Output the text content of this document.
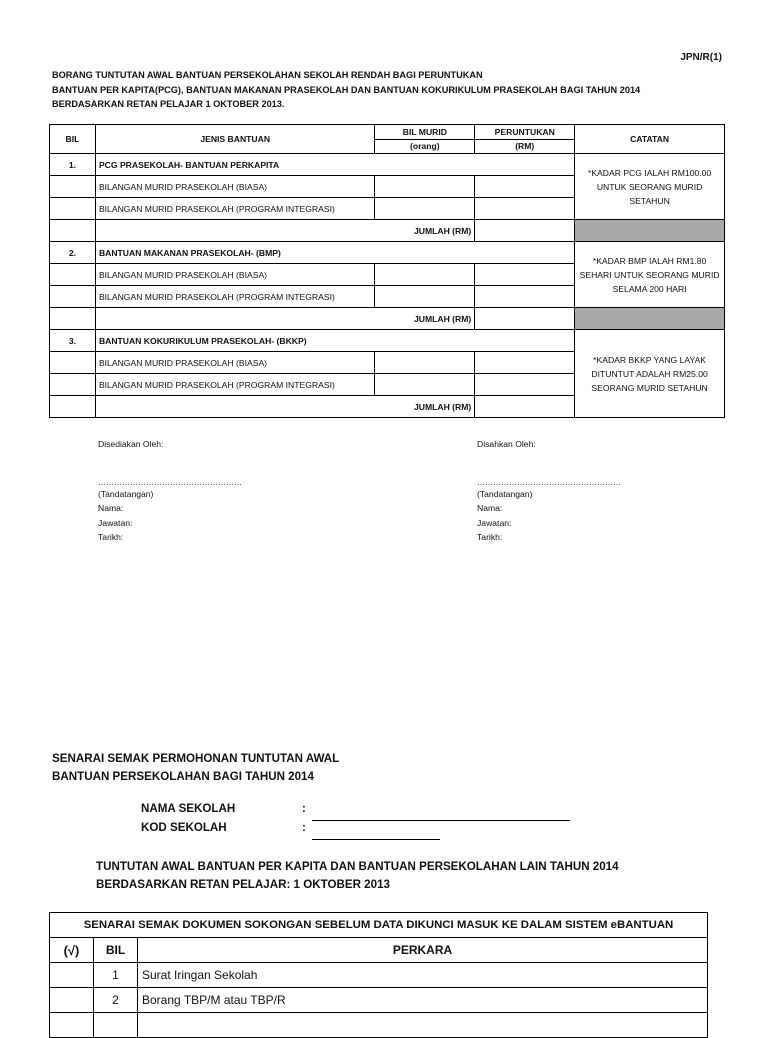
JPN/R(1)
BORANG TUNTUTAN AWAL BANTUAN PERSEKOLAHAN SEKOLAH RENDAH BAGI PERUNTUKAN
BANTUAN PER KAPITA(PCG), BANTUAN MAKANAN PRASEKOLAH DAN BANTUAN KOKURIKULUM PRASEKOLAH BAGI TAHUN 2014
BERDASARKAN RETAN PELAJAR 1 OKTOBER 2013.
BIL	JENIS BANTUAN	BIL MURID	PERUNTUKAN	CATATAN
		(orang)	(RM)	
1.	PCG PRASEKOLAH- BANTUAN PERKAPITA			*KADAR PCG IALAH RM100.00
UNTUK SEORANG MURID
SETAHUN

	BILANGAN MURID PRASEKOLAH (BIASA)			
	BILANGAN MURID PRASEKOLAH (PROGRAM INTEGRASI)			
	JUMLAH (RM)			
2.	BANTUAN MAKANAN PRASEKOLAH- (BMP)			*KADAR BMP IALAH RM1.80
SEHARI UNTUK SEORANG MURID
SELAMA 200 HARI

	BILANGAN MURID PRASEKOLAH (BIASA)			
	BILANGAN MURID PRASEKOLAH (PROGRAM INTEGRASI)			
	JUMLAH (RM)			
3.	BANTUAN KOKURIKULUM PRASEKOLAH- (BKKP)			*KADAR BKKP YANG LAYAK
DITUNTUT ADALAH RM25.00
SEORANG MURID SETAHUN

	BILANGAN MURID PRASEKOLAH (BIASA)			
	BILANGAN MURID PRASEKOLAH (PROGRAM INTEGRASI)			
	JUMLAH (RM)			
Disediakan Oleh:
………………………………………………
(Tandatangan)
Nama:
Jawatan:
Tarikh:
Disahkan Oleh:
………………………………………………
(Tandatangan)
Nama:
Jawatan:
Tarikh:
SENARAI SEMAK PERMOHONAN TUNTUTAN AWAL
BANTUAN PERSEKOLAHAN BAGI TAHUN 2014
NAMA SEKOLAH	:
KOD SEKOLAH	:
TUNTUTAN AWAL BANTUAN PER KAPITA DAN BANTUAN PERSEKOLAHAN LAIN TAHUN 2014
BERDASARKAN RETAN PELAJAR: 1 OKTOBER 2013
SENARAI SEMAK DOKUMEN SOKONGAN SEBELUM DATA DIKUNCI MASUK KE DALAM SISTEM eBANTUAN		
(√)	BIL	PERKARA
	1	Surat Iringan Sekolah
	2	Borang TBP/M atau TBP/R
